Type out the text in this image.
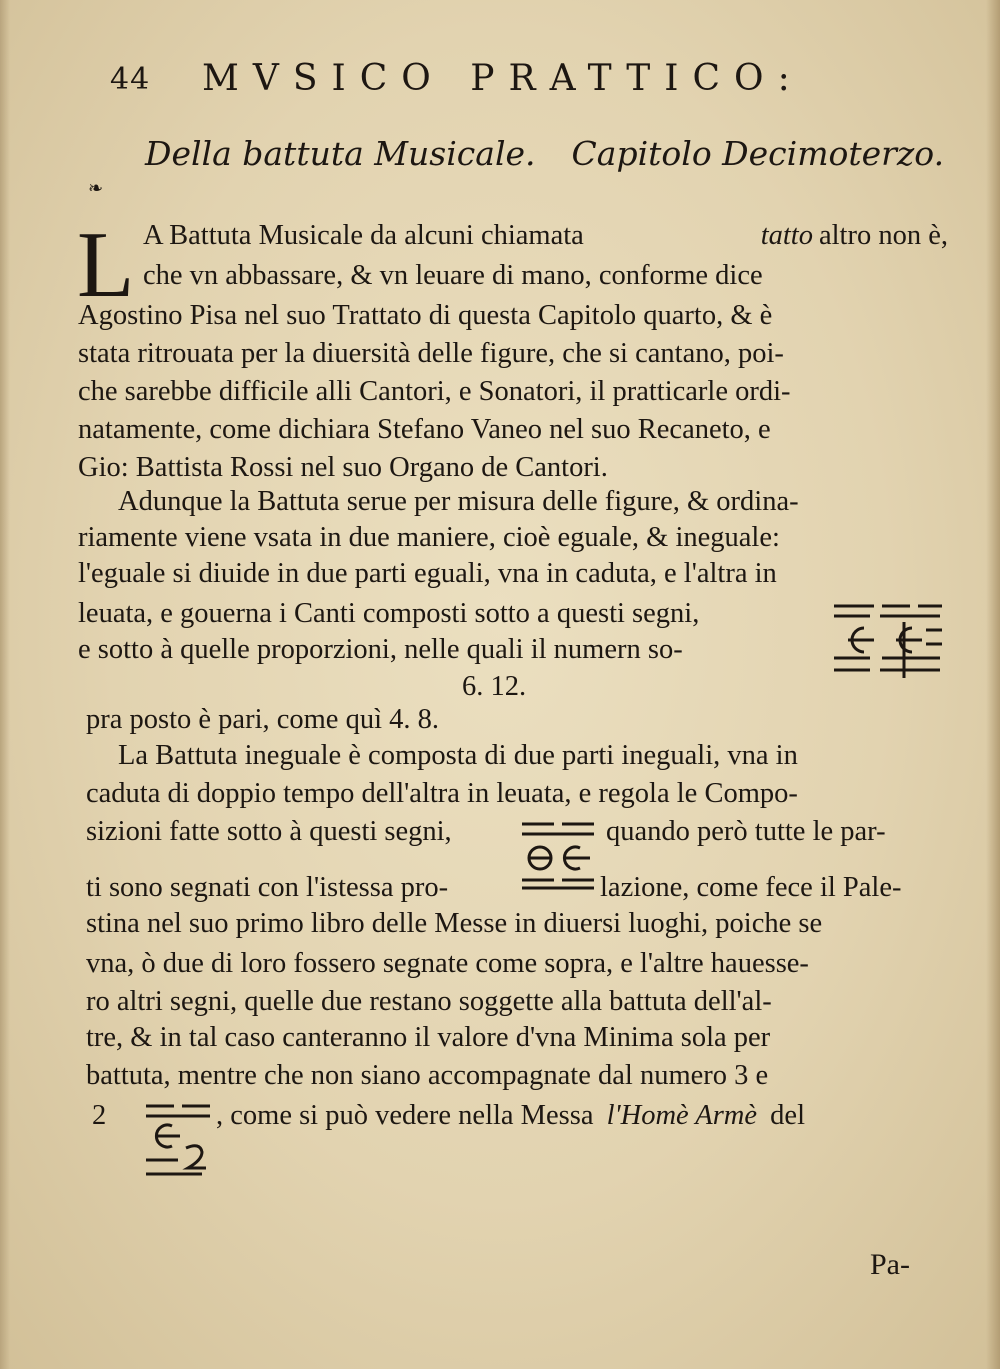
44 MVSICO PRATTICO:
Della battuta Musicale. Capitolo Decimoterzo.
❧
L A Battuta Musicale da alcuni chiamata	tatto altro non è,
che vn abbassare, & vn leuare di mano, conforme dice
Agostino Pisa nel suo Trattato di questa Capitolo quarto, & è
stata ritrouata per la diuersità delle figure, che si cantano, poi-
che sarebbe difficile alli Cantori, e Sonatori, il pratticarle ordi-
natamente, come dichiara Stefano Vaneo nel suo Recaneto, e
Gio: Battista Rossi nel suo Organo de Cantori.
Adunque la Battuta serue per misura delle figure, & ordina-
riamente viene vsata in due maniere, cioè eguale, & ineguale:
l'eguale si diuide in due parti eguali, vna in caduta, e l'altra in
leuata, e gouerna i Canti composti sotto a questi segni,
e sotto à quelle proporzioni, nelle quali il numern so-
6. 12.
pra posto è pari, come quì 4. 8.
La Battuta ineguale è composta di due parti ineguali, vna in
caduta di doppio tempo dell'altra in leuata, e regola le Compo-
sizioni fatte sotto à questi segni,	quando però tutte le par-
ti sono segnati con l'istessa pro-	lazione, come fece il Pale-
stina nel suo primo libro delle Messe in diuersi luoghi, poiche se
vna, ò due di loro fossero segnate come sopra, e l'altre hauesse-
ro altri segni, quelle due restano soggette alla battuta dell'al-
tre, & in tal caso canteranno il valore d'vna Minima sola per
battuta, mentre che non siano accompagnate dal numero 3 e
2	, come si può vedere nella Messa l'Homè Armè del
Pa-
